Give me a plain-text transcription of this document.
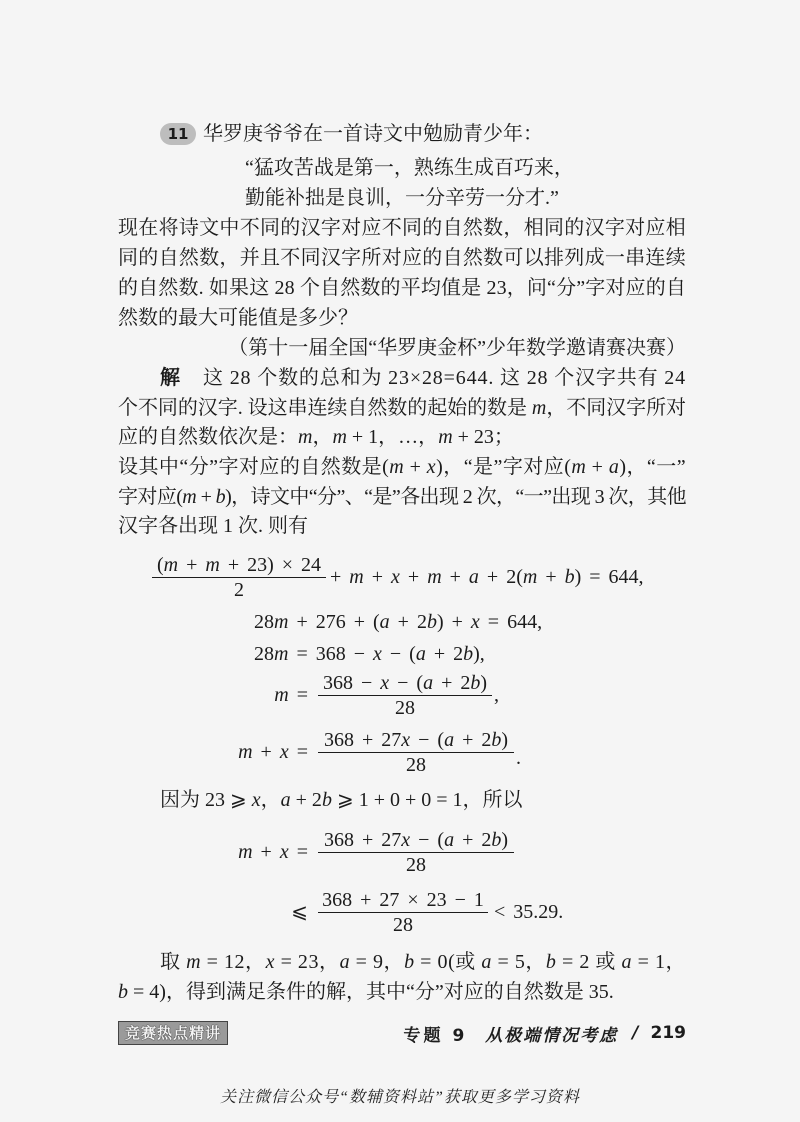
11 华罗庚爷爷在一首诗文中勉励青少年：
“猛攻苦战是第一，熟练生成百巧来，
勤能补拙是良训，一分辛劳一分才.”
现在将诗文中不同的汉字对应不同的自然数，相同的汉字对应相
同的自然数，并且不同汉字所对应的自然数可以排列成一串连续
的自然数. 如果这 28 个自然数的平均值是 23，问“分”字对应的自
然数的最大可能值是多少？
（第十一届全国“华罗庚金杯”少年数学邀请赛决赛）
解 这 28 个数的总和为 23×28=644. 这 28 个汉字共有 24
个不同的汉字. 设这串连续自然数的起始的数是 m，不同汉字所对
应的自然数依次是：m，m + 1，…，m + 23；
设其中“分”字对应的自然数是(m + x)，“是”字对应(m + a)，“一”
字对应(m + b)，诗文中“分”、“是”各出现 2 次，“一”出现 3 次，其他
汉字各出现 1 次. 则有
(m + m + 23) × 24
2
+ m + x + m + a + 2(m + b) = 644,
28m + 276 + (a + 2b) + x = 644,
28m = 368 − x − (a + 2b),
m =
368 − x − (a + 2b)
28
,
m + x =
368 + 27x − (a + 2b)
28	.
因为 23 ⩾ x，a + 2b ⩾ 1 + 0 + 0 = 1，所以
m + x =
368 + 27x − (a + 2b)
28
⩽
368 + 27 × 23 − 1
28
< 35.29.
取 m = 12，x = 23，a = 9，b = 0(或 a = 5，b = 2 或 a = 1，
b = 4)，得到满足条件的解，其中“分”对应的自然数是 35.
竞赛热点精讲	专题 9 从极端情况考虑 / 219
关注微信公众号“数辅资料站”获取更多学习资料
